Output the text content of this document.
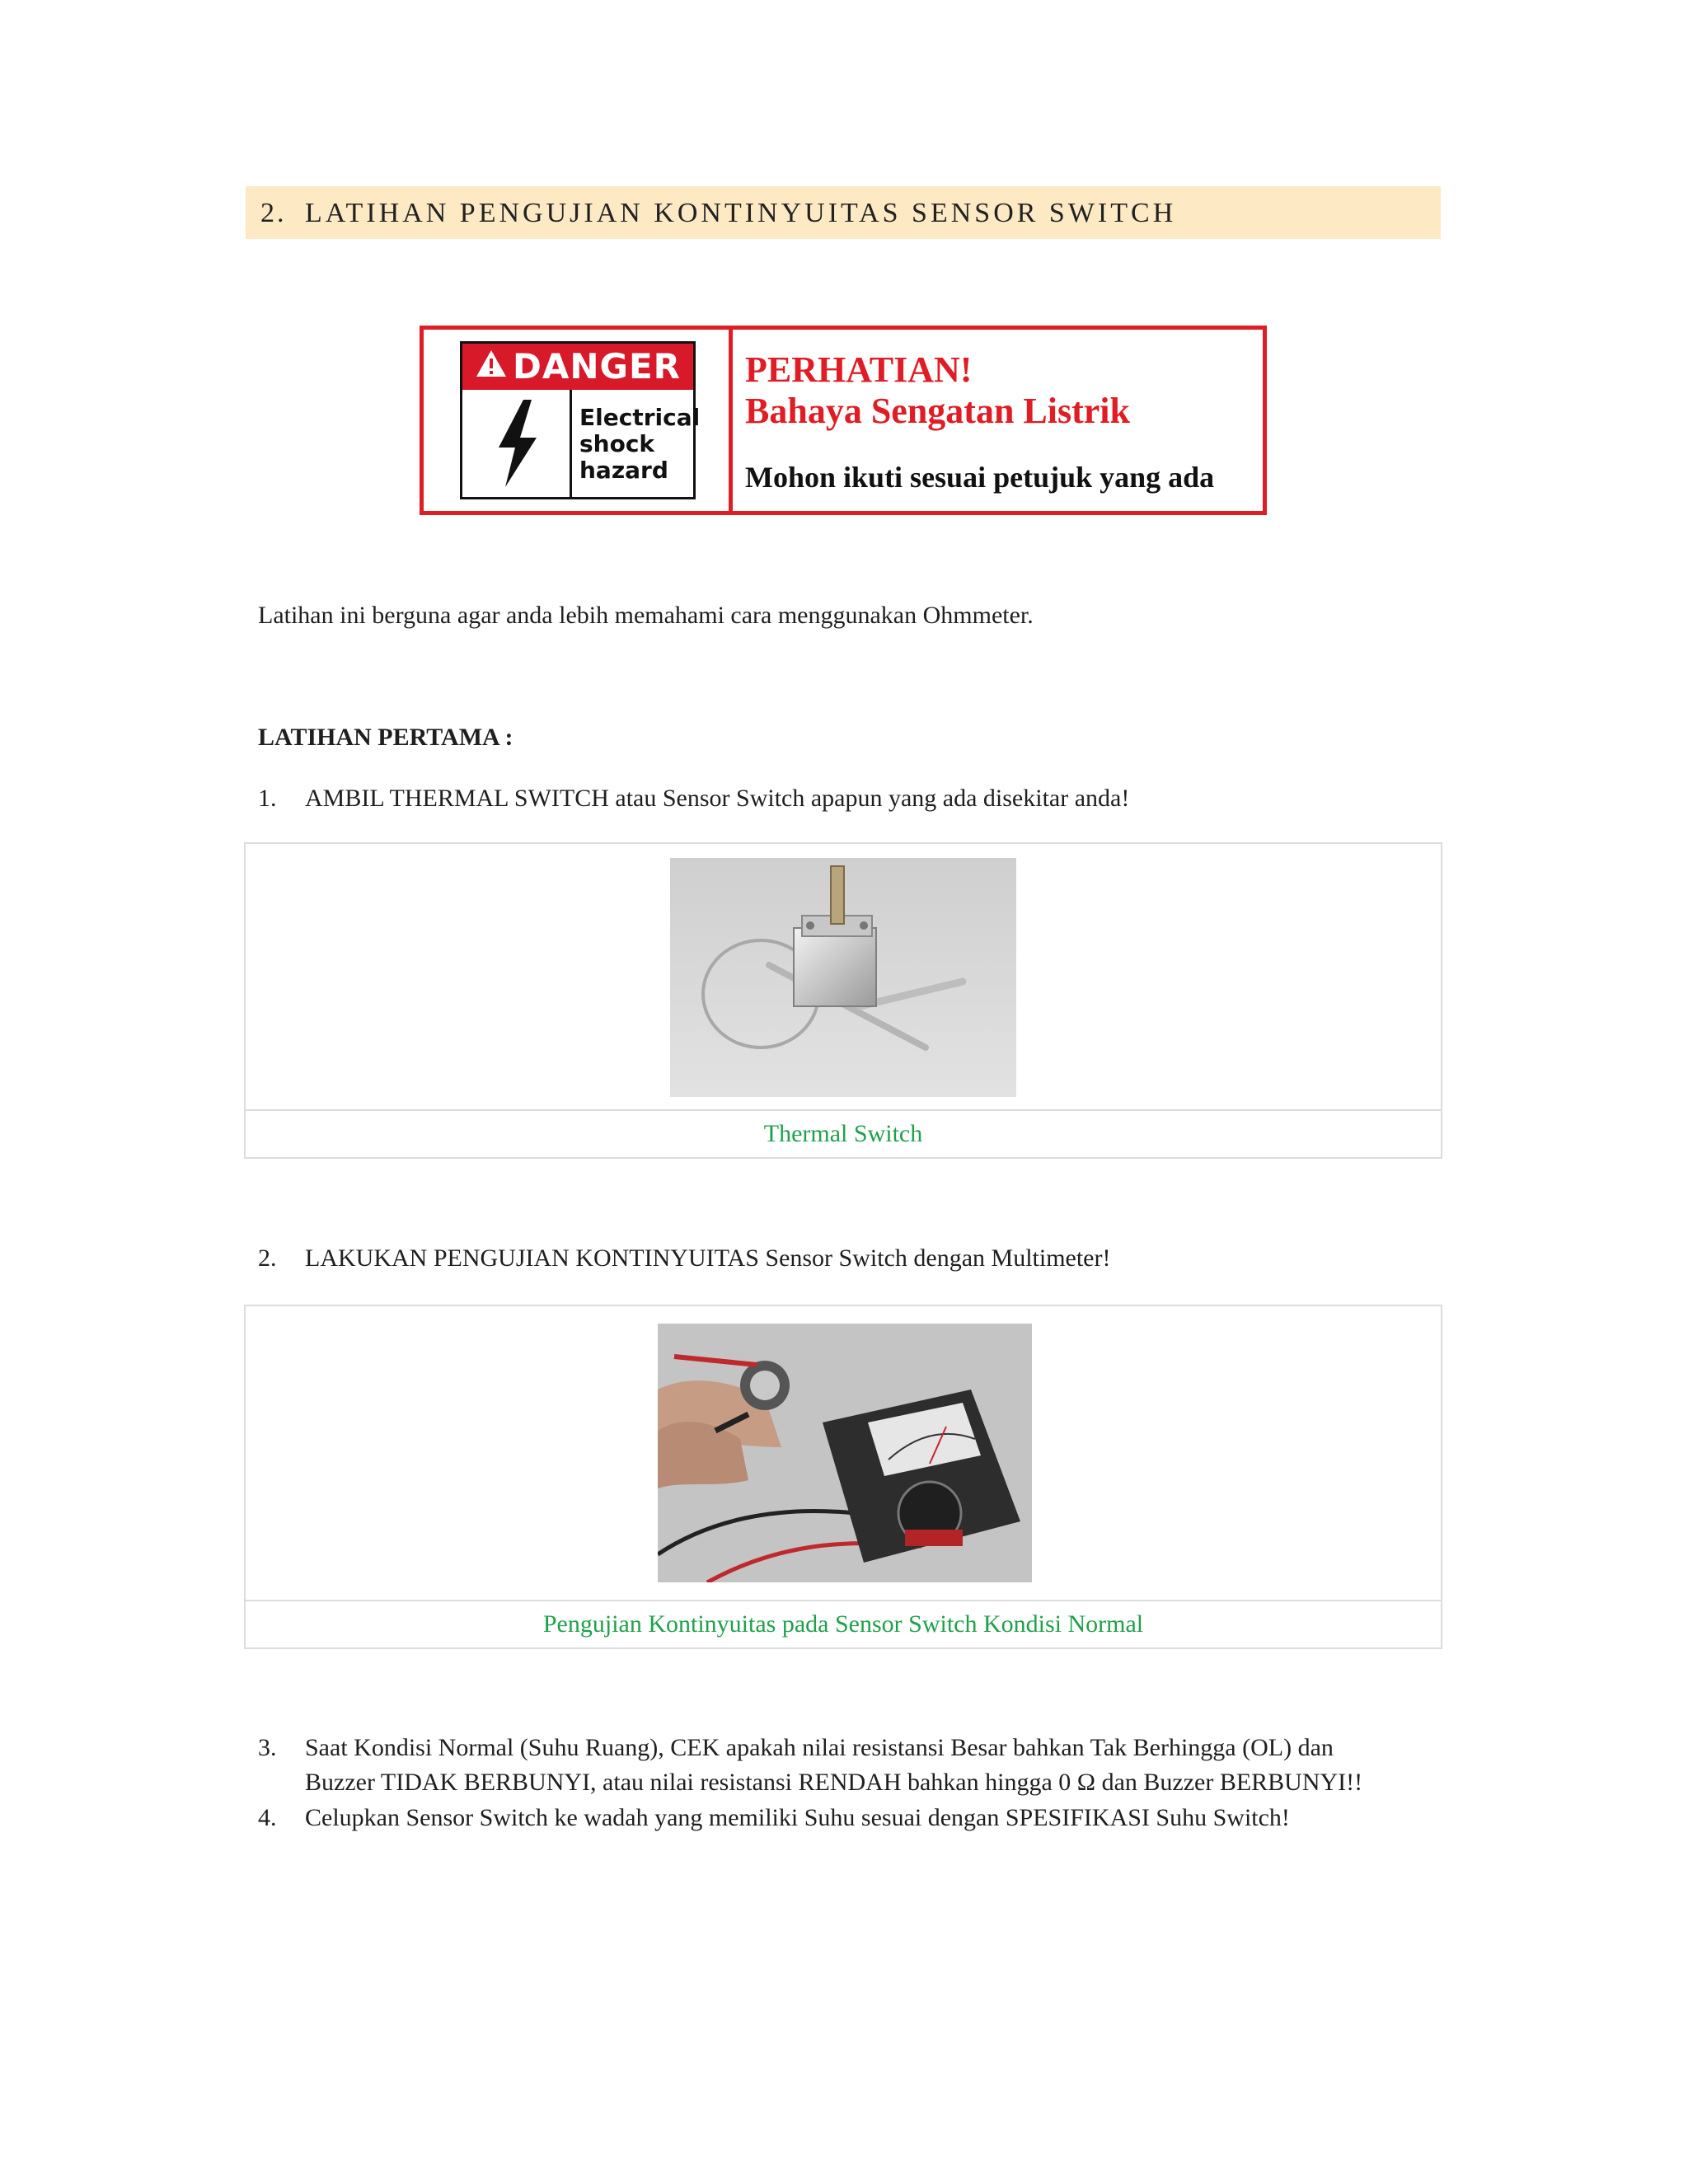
2. LATIHAN PENGUJIAN KONTINYUITAS SENSOR SWITCH
DANGER
Electrical
shock
hazard
PERHATIAN!
Bahaya Sengatan Listrik
Mohon ikuti sesuai petujuk yang ada
Latihan ini berguna agar anda lebih memahami cara menggunakan Ohmmeter.
LATIHAN PERTAMA :
1. AMBIL THERMAL SWITCH atau Sensor Switch apapun yang ada disekitar anda!
Thermal Switch
2. LAKUKAN PENGUJIAN KONTINYUITAS Sensor Switch dengan Multimeter!
Pengujian Kontinyuitas pada Sensor Switch Kondisi Normal
3. Saat Kondisi Normal (Suhu Ruang), CEK apakah nilai resistansi Besar bahkan Tak Berhingga (OL) dan
Buzzer TIDAK BERBUNYI, atau nilai resistansi RENDAH bahkan hingga 0 Ω dan Buzzer BERBUNYI!!
4. Celupkan Sensor Switch ke wadah yang memiliki Suhu sesuai dengan SPESIFIKASI Suhu Switch!
